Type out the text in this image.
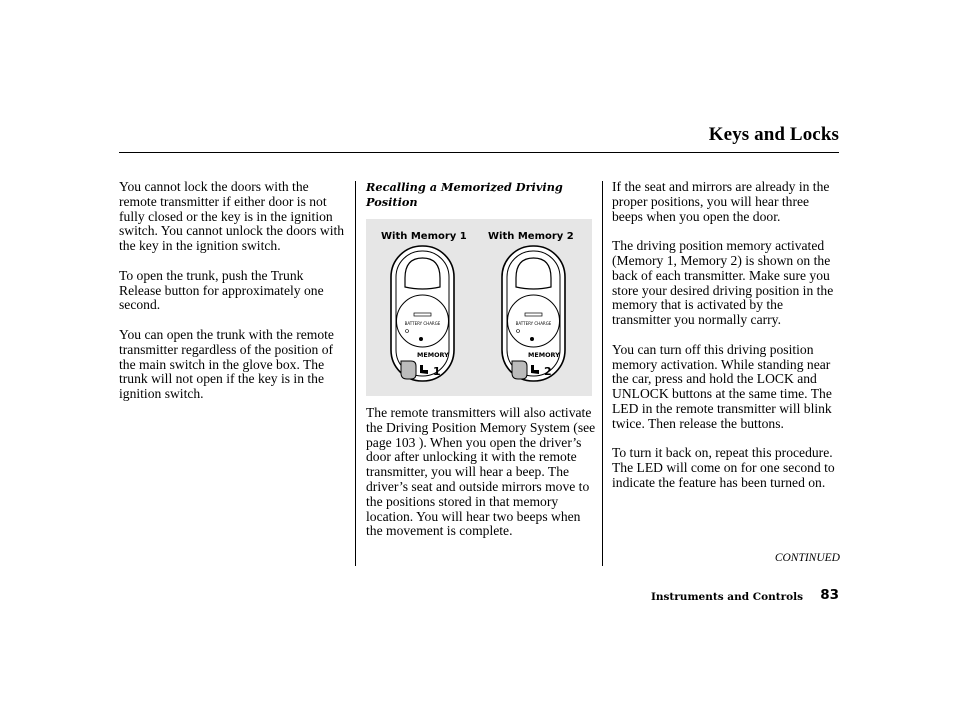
Keys and Locks

You cannot lock the doors with the remote transmitter if either door is not fully closed or the key is in the ignition switch. You cannot unlock the doors with the key in the ignition switch.

To open the trunk, push the Trunk Release button for approximately one second.

You can open the trunk with the remote transmitter regardless of the position of the main switch in the glove box. The trunk will not open if the key is in the ignition switch.

Recalling a Memorized Driving Position
With Memory 1 With Memory 2
BATTERY CHARGE
MEMORY
1
BATTERY CHARGE
MEMORY
2

The remote transmitters will also activate the Driving Position Memory System (see page 103 ). When you open the driver’s door after unlocking it with the remote transmitter, you will hear a beep. The driver’s seat and outside mirrors move to the positions stored in that memory location. You will hear two beeps when the movement is complete.

If the seat and mirrors are already in the proper positions, you will hear three beeps when you open the door.

The driving position memory activated (Memory 1, Memory 2) is shown on the back of each transmitter. Make sure you store your desired driving position in the memory that is activated by the transmitter you normally carry.

You can turn off this driving position memory activation. While standing near the car, press and hold the LOCK and UNLOCK buttons at the same time. The LED in the remote transmitter will blink twice. Then release the buttons.

To turn it back on, repeat this procedure. The LED will come on for one second to indicate the feature has been turned on.

CONTINUED
Instruments and Controls 83
